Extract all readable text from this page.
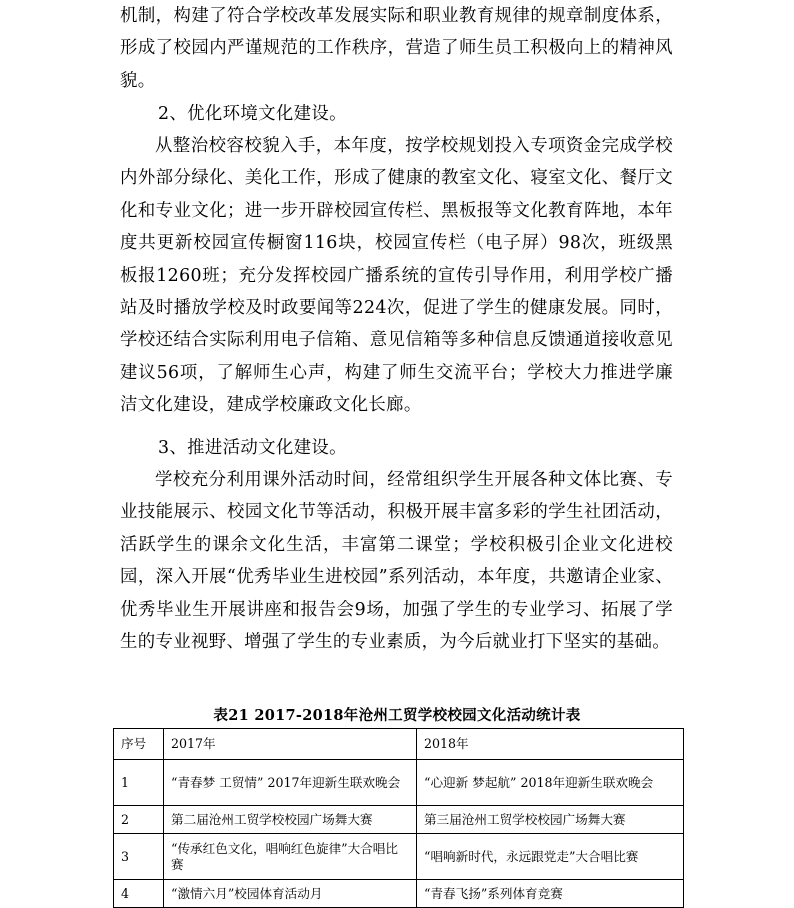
机制，构建了符合学校改革发展实际和职业教育规律的规章制度体系，形成了校园内严谨规范的工作秩序，营造了师生员工积极向上的精神风貌。

2、优化环境文化建设。

从整治校容校貌入手，本年度，按学校规划投入专项资金完成学校内外部分绿化、美化工作，形成了健康的教室文化、寝室文化、餐厅文化和专业文化；进一步开辟校园宣传栏、黑板报等文化教育阵地，本年度共更新校园宣传橱窗116块，校园宣传栏（电子屏）98次，班级黑板报1260班；充分发挥校园广播系统的宣传引导作用，利用学校广播站及时播放学校及时政要闻等224次，促进了学生的健康发展。同时，学校还结合实际利用电子信箱、意见信箱等多种信息反馈通道接收意见建议56项，了解师生心声，构建了师生交流平台；学校大力推进学廉洁文化建设，建成学校廉政文化长廊。

3、推进活动文化建设。

学校充分利用课外活动时间，经常组织学生开展各种文体比赛、专业技能展示、校园文化节等活动，积极开展丰富多彩的学生社团活动，活跃学生的课余文化生活，丰富第二课堂；学校积极引企业文化进校园，深入开展“优秀毕业生进校园”系列活动，本年度，共邀请企业家、优秀毕业生开展讲座和报告会9场，加强了学生的专业学习、拓展了学生的专业视野、增强了学生的专业素质，为今后就业打下坚实的基础。

表21 2017-2018年沧州工贸学校校园文化活动统计表

序号	2017年	2018年
1	“青春梦 工贸情” 2017年迎新生联欢晚会	“心迎新 梦起航” 2018年迎新生联欢晚会
2	第二届沧州工贸学校校园广场舞大赛	第三届沧州工贸学校校园广场舞大赛
3	“传承红色文化，唱响红色旋律”大合唱比赛	“唱响新时代，永远跟党走”大合唱比赛
4	“激情六月”校园体育活动月	“青春飞扬”系列体育竞赛
